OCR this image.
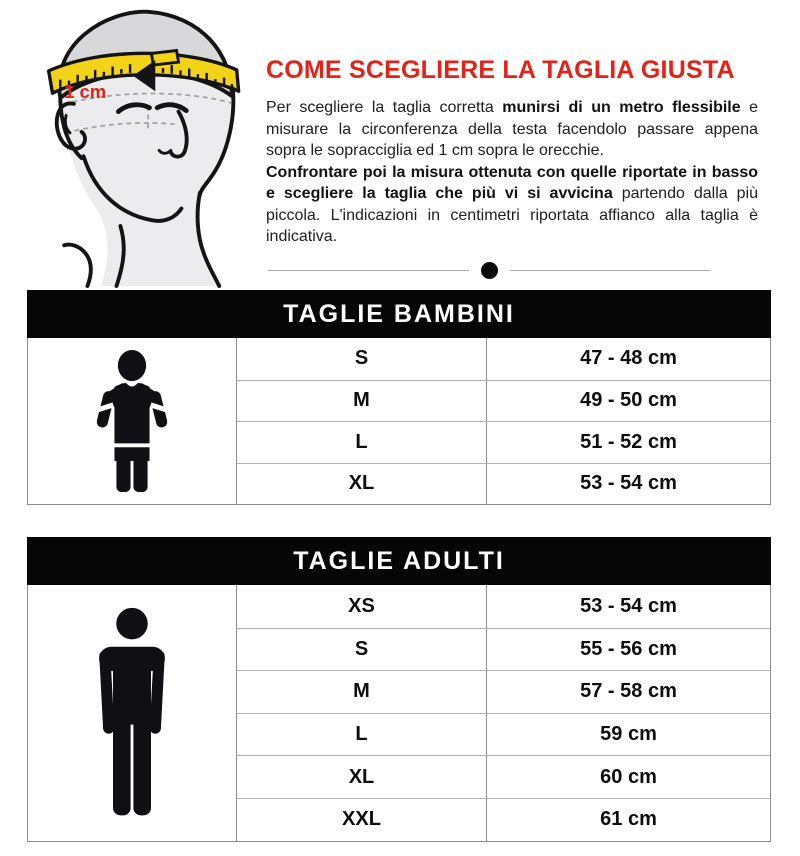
1 cm
COME SCEGLIERE LA TAGLIA GIUSTA

Per scegliere la taglia corretta munirsi di un metro flessibile e misurare la circonferenza della testa facendolo passare appena sopra le sopracciglia ed 1 cm sopra le orecchie.

Confrontare poi la misura ottenuta con quelle riportate in basso e scegliere la taglia che più vi si avvicina partendo dalla più piccola. L'indicazioni in centimetri riportata affianco alla taglia è indicativa.

TAGLIE BAMBINI
S	47 - 48 cm
M	49 - 50 cm
L	51 - 52 cm
XL	53 - 54 cm
TAGLIE ADULTI
XS	53 - 54 cm
S	55 - 56 cm
M	57 - 58 cm
L	59 cm
XL	60 cm
XXL	61 cm
